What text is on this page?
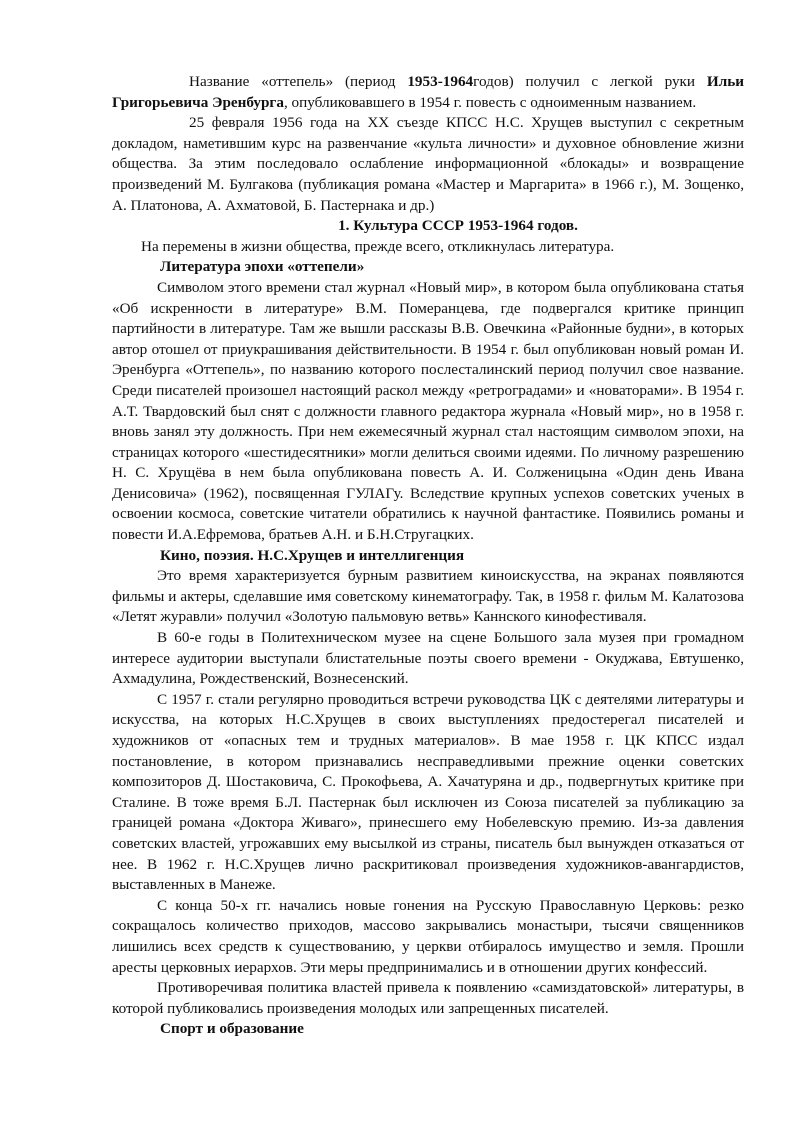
Название «оттепель» (период 1953-1964годов) получил с легкой руки Ильи Григорьевича Эренбурга, опубликовавшего в 1954 г. повесть с одноименным названием.

25 февраля 1956 года на XX съезде КПСС Н.С. Хрущев выступил с секретным докладом, наметившим курс на развенчание «культа личности» и духовное обновление жизни общества. За этим последовало ослабление информационной «блокады» и возвращение произведений М. Булгакова (публикация романа «Мастер и Маргарита» в 1966 г.), М. Зощенко, А. Платонова, А. Ахматовой, Б. Пастернака и др.)

1. Культура СССР 1953-1964 годов.

На перемены в жизни общества, прежде всего, откликнулась литература.

Литература эпохи «оттепели»

Символом этого времени стал журнал «Новый мир», в котором была опубликована статья «Об искренности в литературе» В.М. Померанцева, где подвергался критике принцип партийности в литературе. Там же вышли рассказы В.В. Овечкина «Районные будни», в которых автор отошел от приукрашивания действительности. В 1954 г. был опубликован новый роман И. Эренбурга «Оттепель», по названию которого послесталинский период получил свое название. Среди писателей произошел настоящий раскол между «ретроградами» и «новаторами». В 1954 г. А.Т. Твардовский был снят с должности главного редактора журнала «Новый мир», но в 1958 г. вновь занял эту должность. При нем ежемесячный журнал стал настоящим символом эпохи, на страницах которого «шестидесятники» могли делиться своими идеями. По личному разрешению Н. С. Хрущёва в нем была опубликована повесть А. И. Солженицына «Один день Ивана Денисовича» (1962), посвященная ГУЛАГу. Вследствие крупных успехов советских ученых в освоении космоса, советские читатели обратились к научной фантастике. Появились романы и повести И.А.Ефремова, братьев А.Н. и Б.Н.Стругацких.

Кино, поэзия. Н.С.Хрущев и интеллигенция

Это время характеризуется бурным развитием киноискусства, на экранах появляются фильмы и актеры, сделавшие имя советскому кинематографу. Так, в 1958 г. фильм М. Калатозова «Летят журавли» получил «Золотую пальмовую ветвь» Каннского кинофестиваля.

В 60-е годы в Политехническом музее на сцене Большого зала музея при громадном интересе аудитории выступали блистательные поэты своего времени - Окуджава, Евтушенко, Ахмадулина, Рождественский, Вознесенский.

С 1957 г. стали регулярно проводиться встречи руководства ЦК с деятелями литературы и искусства, на которых Н.С.Хрущев в своих выступлениях предостерегал писателей и художников от «опасных тем и трудных материалов». В мае 1958 г. ЦК КПСС издал постановление, в котором признавались несправедливыми прежние оценки советских композиторов Д. Шостаковича, С. Прокофьева, А. Хачатуряна и др., подвергнутых критике при Сталине. В тоже время Б.Л. Пастернак был исключен из Союза писателей за публикацию за границей романа «Доктора Живаго», принесшего ему Нобелевскую премию. Из-за давления советских властей, угрожавших ему высылкой из страны, писатель был вынужден отказаться от нее. В 1962 г. Н.С.Хрущев лично раскритиковал произведения художников-авангардистов, выставленных в Манеже.

С конца 50-х гг. начались новые гонения на Русскую Православную Церковь: резко сокращалось количество приходов, массово закрывались монастыри, тысячи священников лишились всех средств к существованию, у церкви отбиралось имущество и земля. Прошли аресты церковных иерархов. Эти меры предпринимались и в отношении других конфессий.

Противоречивая политика властей привела к появлению «самиздатовской» литературы, в которой публиковались произведения молодых или запрещенных писателей.

Спорт и образование
